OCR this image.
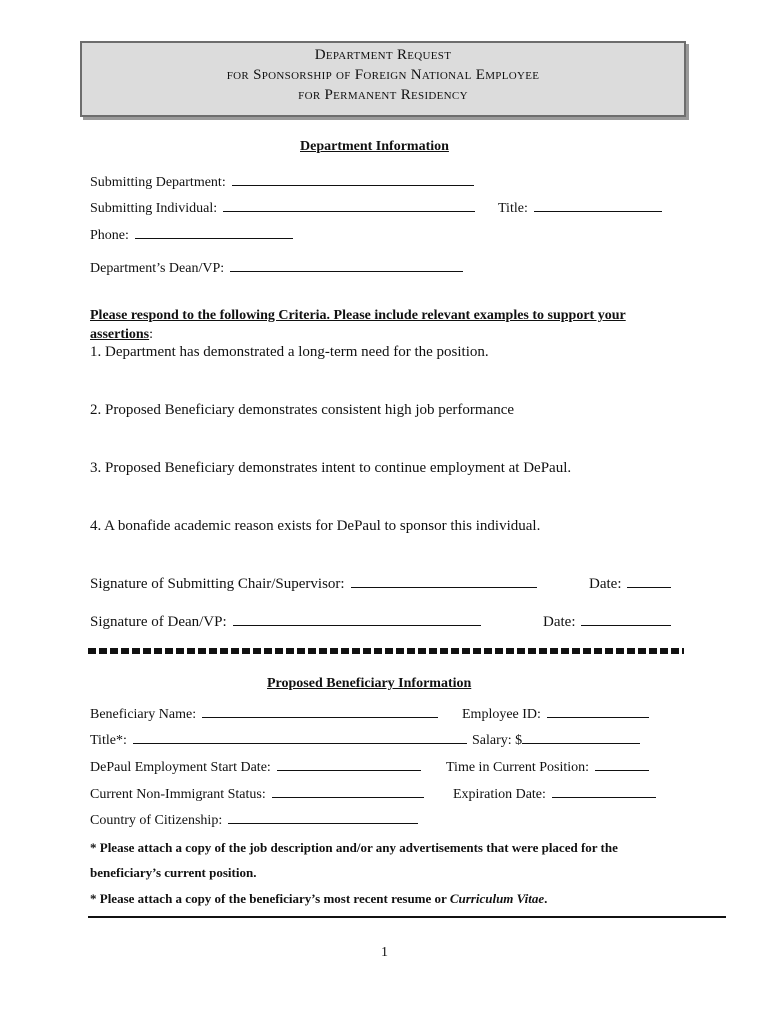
Department Request
for Sponsorship of Foreign National Employee
for Permanent Residency
Department Information
Submitting Department:
Submitting Individual:	Title:
Phone:
Department’s Dean/VP:
Please respond to the following Criteria. Please include relevant examples to support your assertions:
1. Department has demonstrated a long-term need for the position.
2. Proposed Beneficiary demonstrates consistent high job performance
3. Proposed Beneficiary demonstrates intent to continue employment at DePaul.
4. A bonafide academic reason exists for DePaul to sponsor this individual.
Signature of Submitting Chair/Supervisor:	Date:
Signature of Dean/VP:	Date:
Proposed Beneficiary Information
Beneficiary Name:	Employee ID:
Title*:	Salary: $
DePaul Employment Start Date:	Time in Current Position:
Current Non-Immigrant Status:	Expiration Date:
Country of Citizenship:
* Please attach a copy of the job description and/or any advertisements that were placed for the
beneficiary’s current position.
* Please attach a copy of the beneficiary’s most recent resume or Curriculum Vitae.
1
